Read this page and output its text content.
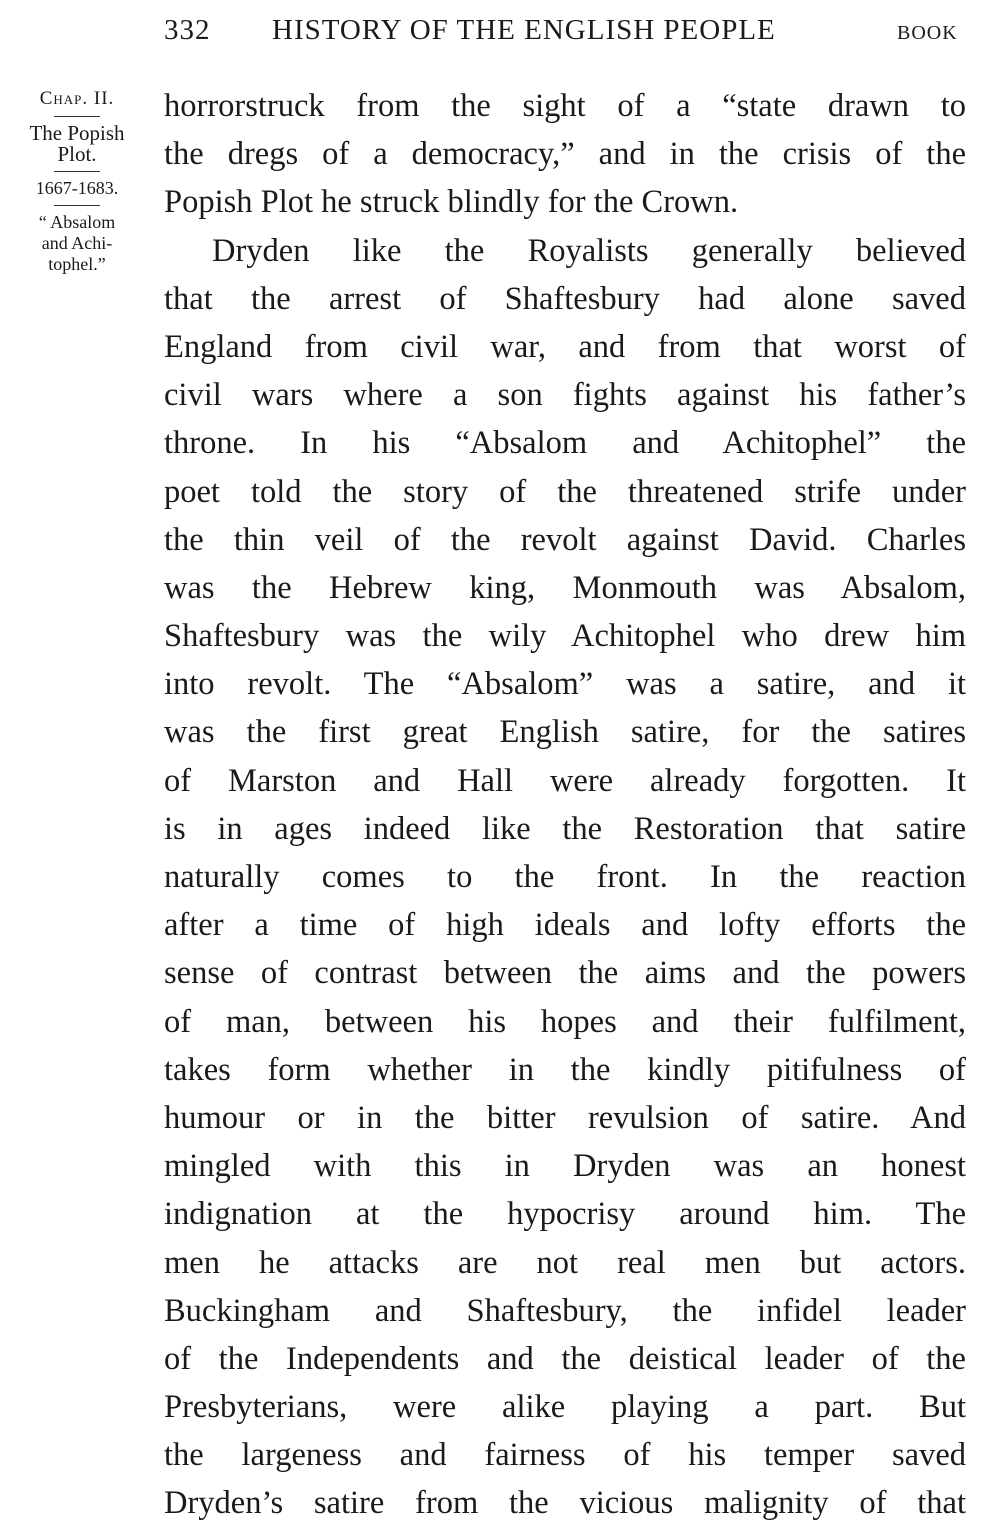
332 HISTORY OF THE ENGLISH PEOPLE	BOOK
Chap. II.
The Popish
Plot.
1667-1683.
“ Absalom
and Achi-
tophel.”
horrorstruck from the sight of a “state drawn to
the dregs of a democracy,” and in the crisis of the
Popish Plot he struck blindly for the Crown.
Dryden like the Royalists generally believed
that the arrest of Shaftesbury had alone saved
England from civil war, and from that worst of
civil wars where a son fights against his father’s
throne. In his “Absalom and Achitophel” the
poet told the story of the threatened strife under
the thin veil of the revolt against David. Charles
was the Hebrew king, Monmouth was Absalom,
Shaftesbury was the wily Achitophel who drew him
into revolt. The “Absalom” was a satire, and it
was the first great English satire, for the satires
of Marston and Hall were already forgotten. It
is in ages indeed like the Restoration that satire
naturally comes to the front. In the reaction
after a time of high ideals and lofty efforts the
sense of contrast between the aims and the powers
of man, between his hopes and their fulfilment,
takes form whether in the kindly pitifulness of
humour or in the bitter revulsion of satire. And
mingled with this in Dryden was an honest
indignation at the hypocrisy around him. The
men he attacks are not real men but actors.
Buckingham and Shaftesbury, the infidel leader
of the Independents and the deistical leader of the
Presbyterians, were alike playing a part. But
the largeness and fairness of his temper saved
Dryden’s satire from the vicious malignity of that
